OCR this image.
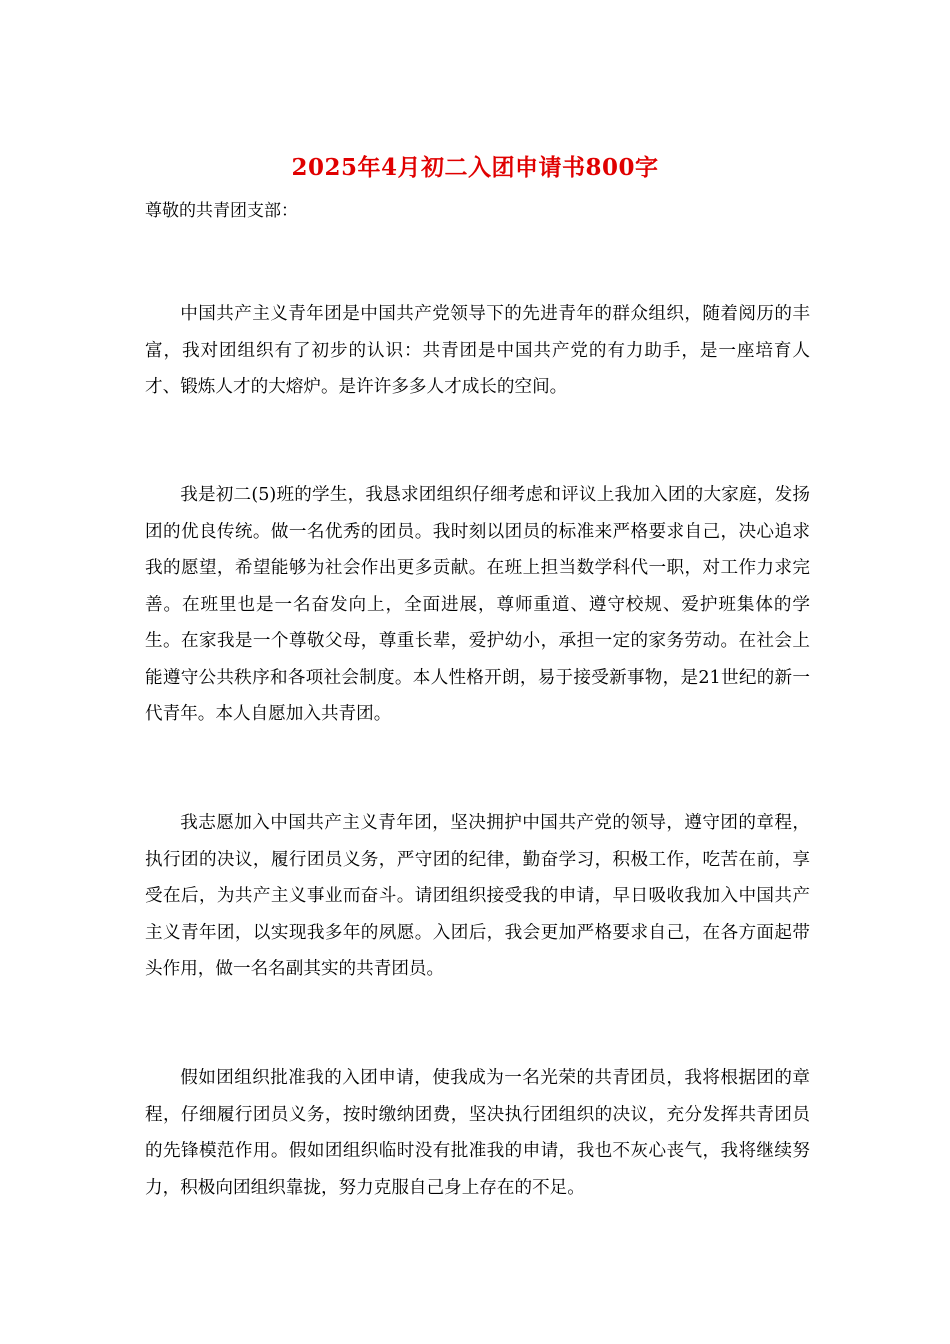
2025年4月初二入团申请书800字
尊敬的共青团支部：

中国共产主义青年团是中国共产党领导下的先进青年的群众组织，随着阅历的丰富，我对团组织有了初步的认识：共青团是中国共产党的有力助手，是一座培育人才、锻炼人才的大熔炉。是许许多多人才成长的空间。

我是初二(5)班的学生，我恳求团组织仔细考虑和评议上我加入团的大家庭，发扬团的优良传统。做一名优秀的团员。我时刻以团员的标准来严格要求自己，决心追求我的愿望，希望能够为社会作出更多贡献。在班上担当数学科代一职，对工作力求完善。在班里也是一名奋发向上，全面进展，尊师重道、遵守校规、爱护班集体的学生。在家我是一个尊敬父母，尊重长辈，爱护幼小，承担一定的家务劳动。在社会上能遵守公共秩序和各项社会制度。本人性格开朗，易于接受新事物，是21世纪的新一代青年。本人自愿加入共青团。

我志愿加入中国共产主义青年团，坚决拥护中国共产党的领导，遵守团的章程，执行团的决议，履行团员义务，严守团的纪律，勤奋学习，积极工作，吃苦在前，享受在后，为共产主义事业而奋斗。请团组织接受我的申请，早日吸收我加入中国共产主义青年团，以实现我多年的夙愿。入团后，我会更加严格要求自己，在各方面起带头作用，做一名名副其实的共青团员。

假如团组织批准我的入团申请，使我成为一名光荣的共青团员，我将根据团的章程，仔细履行团员义务，按时缴纳团费，坚决执行团组织的决议，充分发挥共青团员的先锋模范作用。假如团组织临时没有批准我的申请，我也不灰心丧气，我将继续努力，积极向团组织靠拢，努力克服自己身上存在的不足。
